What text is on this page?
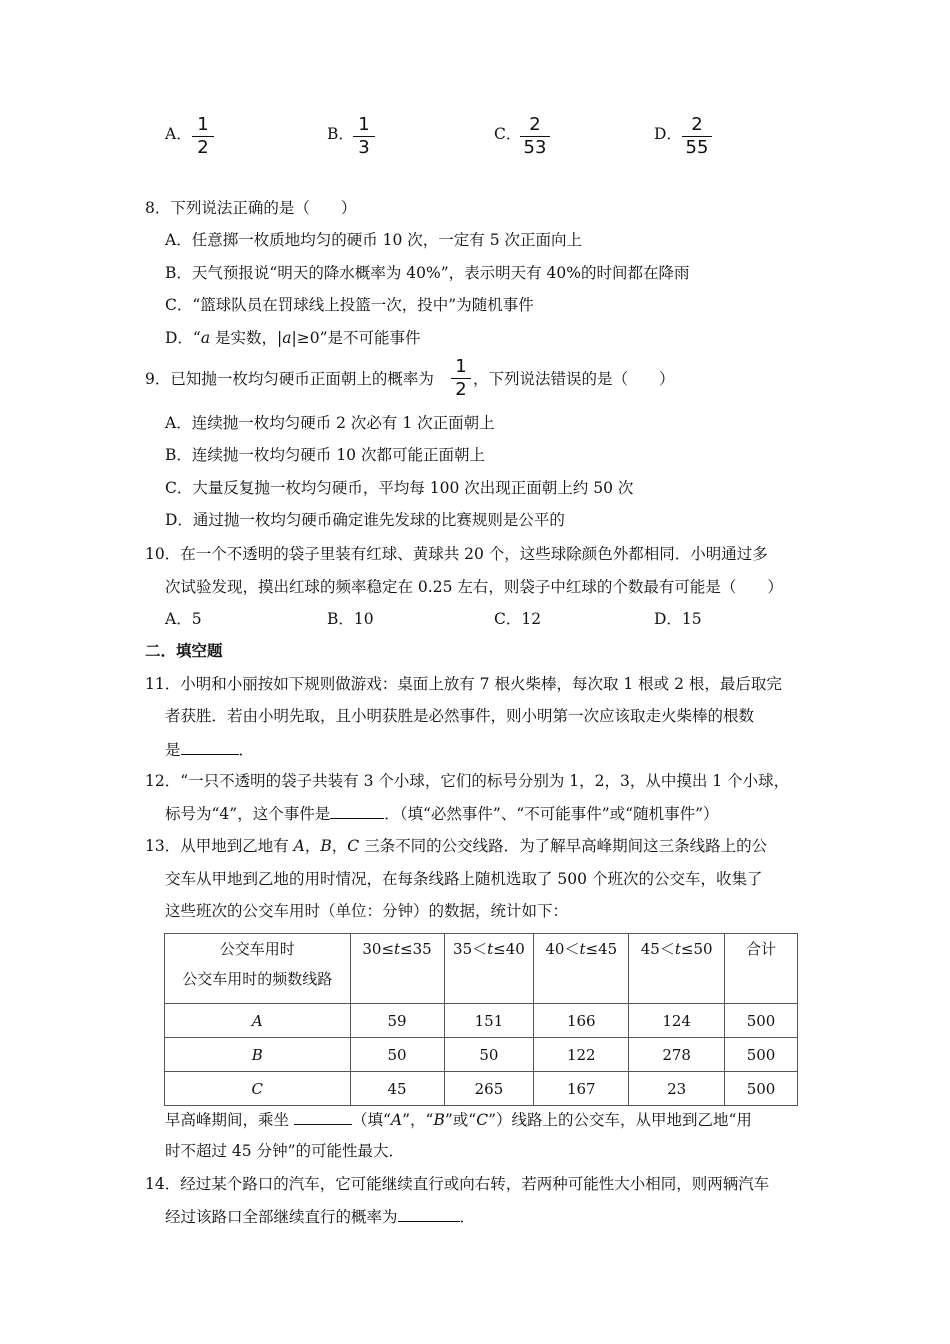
A． 1
2
B． 1
3
C． 2
53
D． 2
55
8．下列说法正确的是（　　）
A．任意掷一枚质地均匀的硬币 10 次，一定有 5 次正面向上
B．天气预报说“明天的降水概率为 40%”，表示明天有 40%的时间都在降雨
C．“篮球队员在罚球线上投篮一次，投中”为随机事件
D．“a 是实数，|a|≥0”是不可能事件
9．已知抛一枚均匀硬币正面朝上的概率为
1
2 ，下列说法错误的是（　　）
A．连续抛一枚均匀硬币 2 次必有 1 次正面朝上
B．连续抛一枚均匀硬币 10 次都可能正面朝上
C．大量反复抛一枚均匀硬币，平均每 100 次出现正面朝上约 50 次
D．通过抛一枚均匀硬币确定谁先发球的比赛规则是公平的
10．在一个不透明的袋子里装有红球、黄球共 20 个，这些球除颜色外都相同．小明通过多
次试验发现，摸出红球的频率稳定在 0.25 左右，则袋子中红球的个数最有可能是（　　）
A．5	B．10	C．12	D．15
二．填空题
11．小明和小丽按如下规则做游戏：桌面上放有 7 根火柴棒，每次取 1 根或 2 根，最后取完
者获胜．若由小明先取，且小明获胜是必然事件，则小明第一次应该取走火柴棒的根数
是	．
12．“一只不透明的袋子共装有 3 个小球，它们的标号分别为 1，2，3，从中摸出 1 个小球，
标号为“4”，这个事件是	．（填“必然事件”、“不可能事件”或“随机事件”）
13．从甲地到乙地有 A，B，C 三条不同的公交线路．为了解早高峰期间这三条线路上的公
交车从甲地到乙地的用时情况，在每条线路上随机选取了 500 个班次的公交车，收集了
这些班次的公交车用时（单位：分钟）的数据，统计如下：
公交车用时
公交车用时的频数线路	30≤t≤35	35＜t≤40	40＜t≤45	45＜t≤50	合计

A	59	151	166	124	500
B	50	50	122	278	500
C	45	265	167	23	500
早高峰期间，乘坐	（填“A”，“B”或“C”）线路上的公交车，从甲地到乙地“用
时不超过 45 分钟”的可能性最大．
14．经过某个路口的汽车，它可能继续直行或向右转，若两种可能性大小相同，则两辆汽车
经过该路口全部继续直行的概率为	．
